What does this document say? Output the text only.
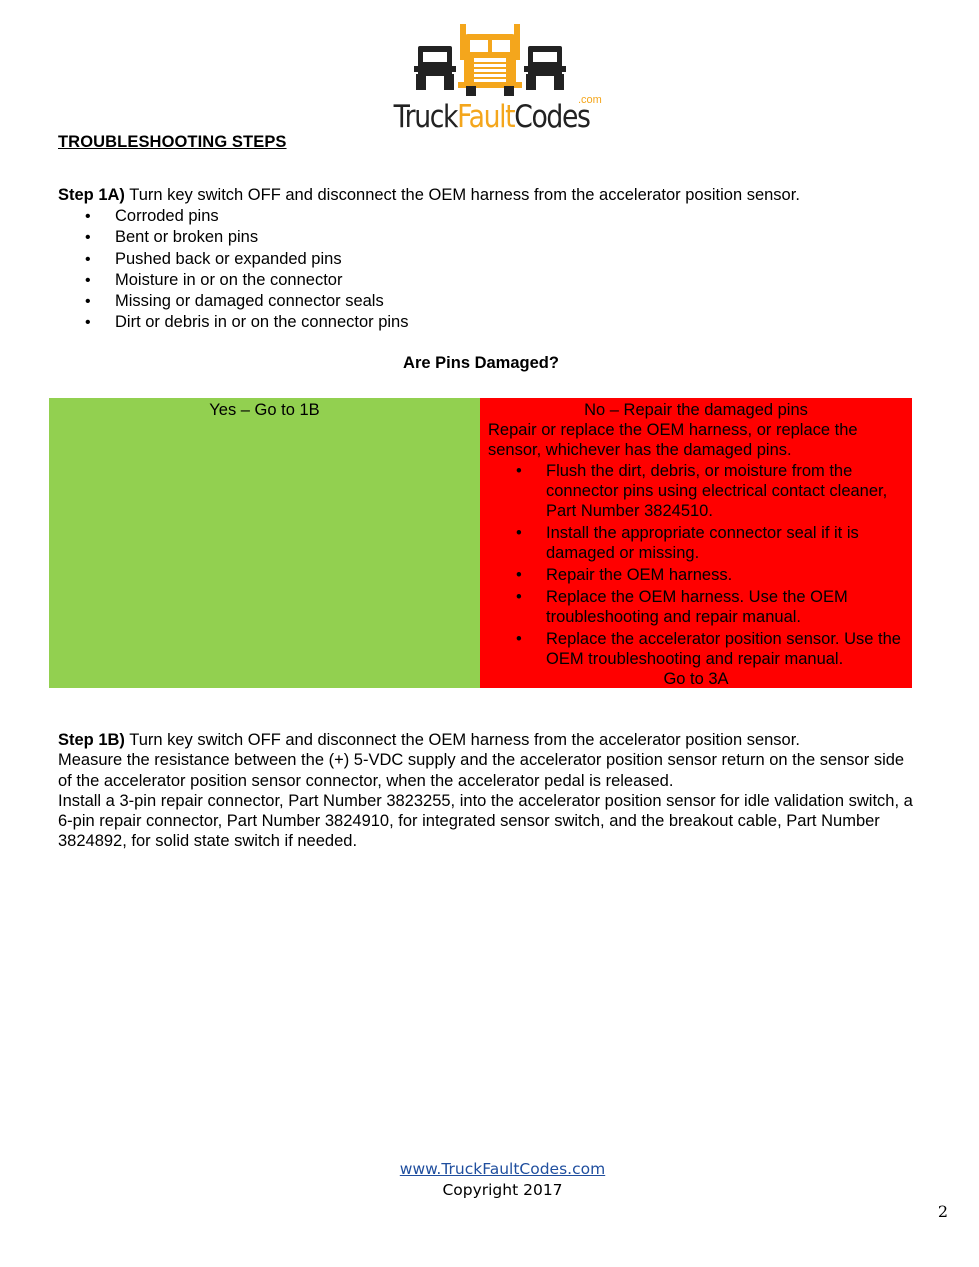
.com
TruckFaultCodes
TROUBLESHOOTING STEPS
Step 1A) Turn key switch OFF and disconnect the OEM harness from the accelerator position sensor.
• Corroded pins
• Bent or broken pins
• Pushed back or expanded pins
• Moisture in or on the connector
• Missing or damaged connector seals
• Dirt or debris in or on the connector pins
Are Pins Damaged?
Yes – Go to 1B	No – Repair the damaged pins
Repair or replace the OEM harness, or replace the sensor, whichever has the damaged pins.
• Flush the dirt, debris, or moisture from the connector pins using electrical contact cleaner, Part Number 3824510.
• Install the appropriate connector seal if it is damaged or missing.
• Repair the OEM harness.
• Replace the OEM harness. Use the OEM troubleshooting and repair manual.
• Replace the accelerator position sensor. Use the OEM troubleshooting and repair manual.
Go to 3A
Step 1B) Turn key switch OFF and disconnect the OEM harness from the accelerator position sensor.
Measure the resistance between the (+) 5-VDC supply and the accelerator position sensor return on the sensor side of the accelerator position sensor connector, when the accelerator pedal is released.
Install a 3-pin repair connector, Part Number 3823255, into the accelerator position sensor for idle validation switch, a 6-pin repair connector, Part Number 3824910, for integrated sensor switch, and the breakout cable, Part Number 3824892, for solid state switch if needed.
www.TruckFaultCodes.com
Copyright 2017
2
